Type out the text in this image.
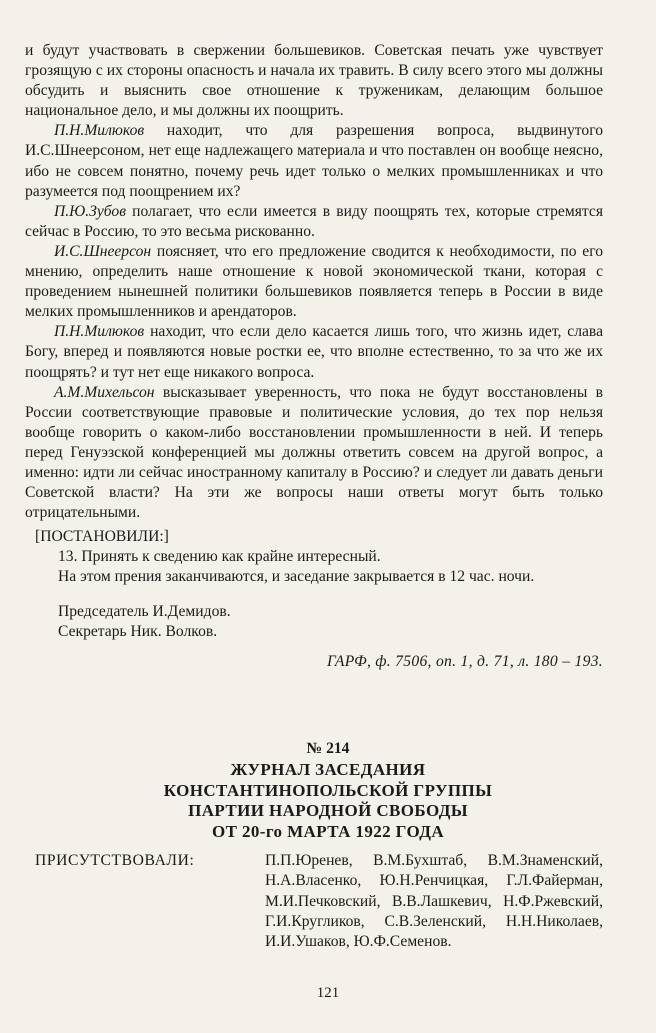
и будут участвовать в свержении большевиков. Советская печать уже чувствует грозящую с их стороны опасность и начала их травить. В силу всего этого мы должны обсудить и выяснить свое отношение к труженикам, делающим большое национальное дело, и мы должны их поощрить.

П.Н.Милюков находит, что для разрешения вопроса, выдвинутого И.С.Шнеерсоном, нет еще надлежащего материала и что поставлен он вообще неясно, ибо не совсем понятно, почему речь идет только о мелких промышленниках и что разумеется под поощрением их?

П.Ю.Зубов полагает, что если имеется в виду поощрять тех, которые стремятся сейчас в Россию, то это весьма рискованно.

И.С.Шнеерсон поясняет, что его предложение сводится к необходимости, по его мнению, определить наше отношение к новой экономической ткани, которая с проведением нынешней политики большевиков появляется теперь в России в виде мелких промышленников и арендаторов.

П.Н.Милюков находит, что если дело касается лишь того, что жизнь идет, слава Богу, вперед и появляются новые ростки ее, что вполне естественно, то за что же их поощрять? и тут нет еще никакого вопроса.

А.М.Михельсон высказывает уверенность, что пока не будут восстановлены в России соответствующие правовые и политические условия, до тех пор нельзя вообще говорить о каком-либо восстановлении промышленности в ней. И теперь перед Генуэзской конференцией мы должны ответить совсем на другой вопрос, а именно: идти ли сейчас иностранному капиталу в Россию? и следует ли давать деньги Советской власти? На эти же вопросы наши ответы могут быть только отрицательными.

[ПОСТАНОВИЛИ:]

13. Принять к сведению как крайне интересный.

На этом прения заканчиваются, и заседание закрывается в 12 час. ночи.

Председатель И.Демидов.

Секретарь Ник. Волков.

ГАРФ, ф. 7506, оп. 1, д. 71, л. 180 – 193.

№ 214
ЖУРНАЛ ЗАСЕДАНИЯ
КОНСТАНТИНОПОЛЬСКОЙ ГРУППЫ
ПАРТИИ НАРОДНОЙ СВОБОДЫ
ОТ 20-го МАРТА 1922 ГОДА
ПРИСУТСТВОВАЛИ:	П.П.Юренев, В.М.Бухштаб, В.М.Знаменский, Н.А.Власенко, Ю.Н.Ренчицкая, Г.Л.Файерман, М.И.Печковский, В.В.Лашкевич, Н.Ф.Ржевский, Г.И.Кругликов, С.В.Зеленский, Н.Н.Николаев, И.И.Ушаков, Ю.Ф.Семенов.
121
